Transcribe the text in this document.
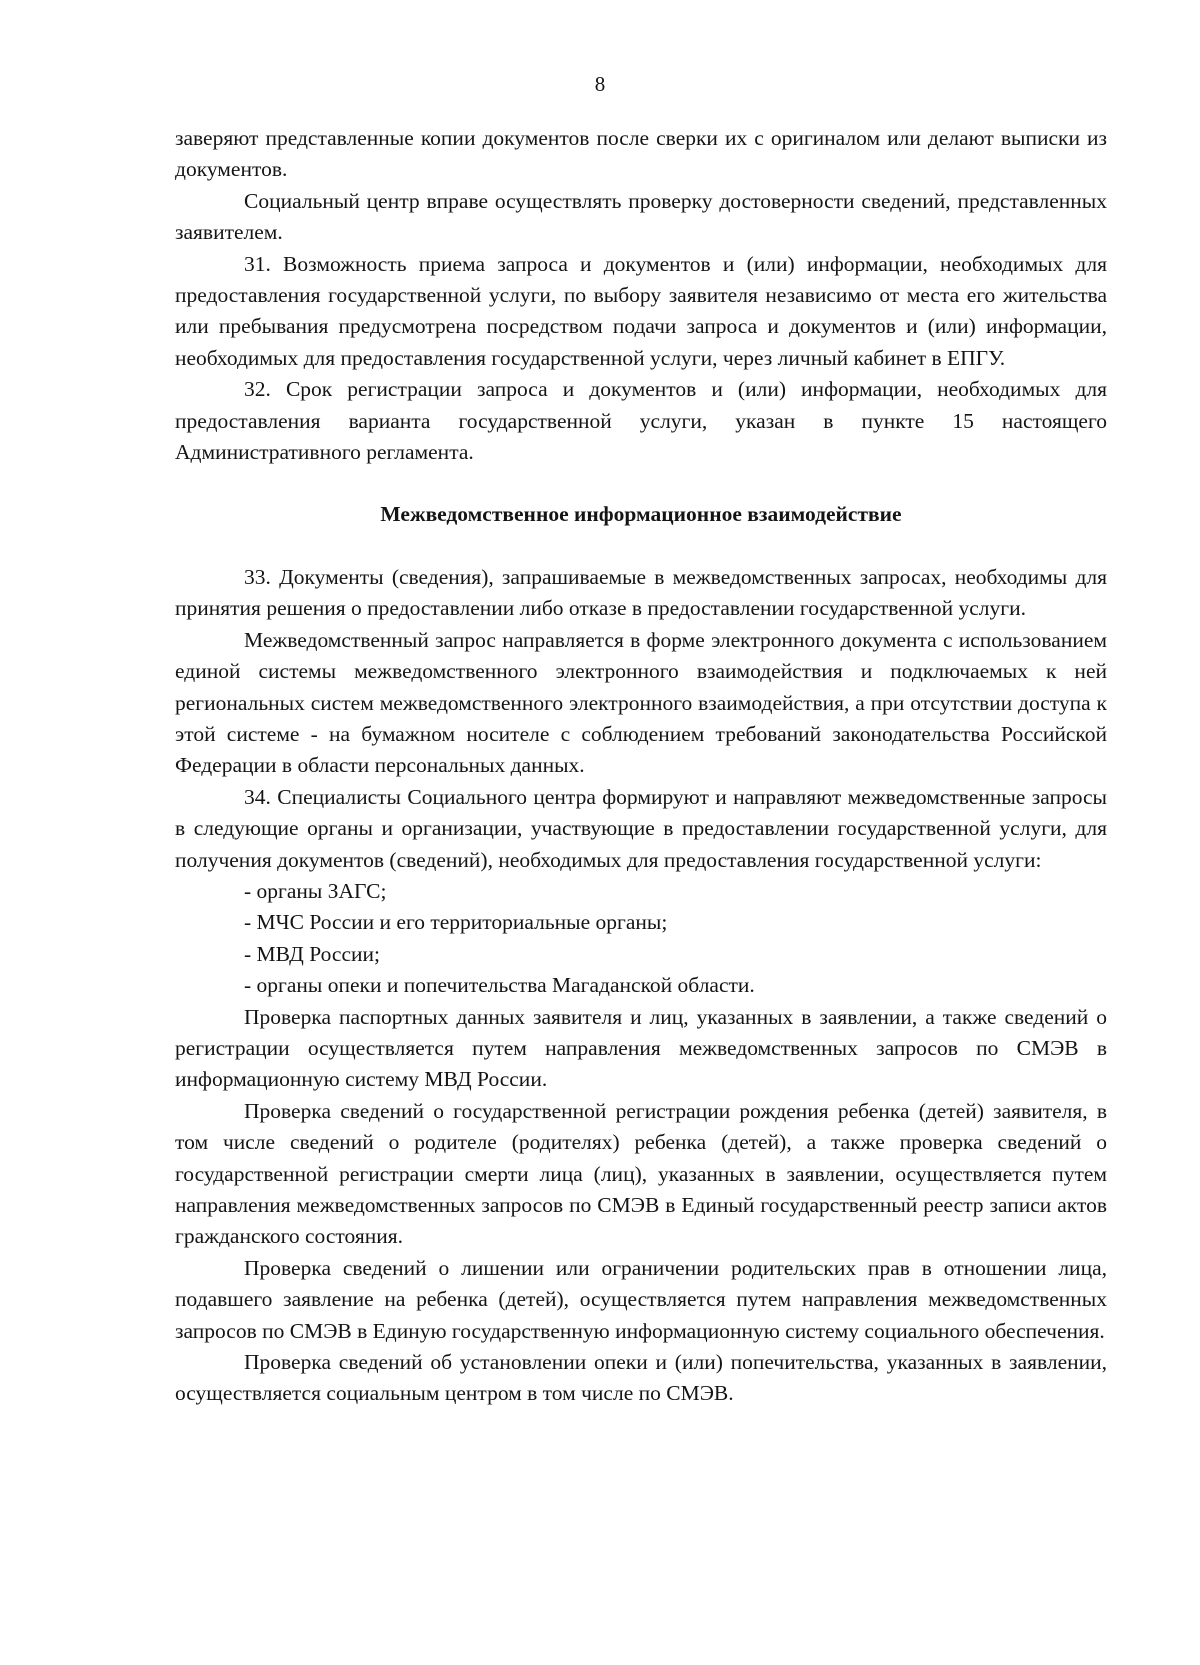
8

заверяют представленные копии документов после сверки их с оригиналом или делают выписки из документов.

Социальный центр вправе осуществлять проверку достоверности сведений, представленных заявителем.

31. Возможность приема запроса и документов и (или) информации, необходимых для предоставления государственной услуги, по выбору заявителя независимо от места его жительства или пребывания предусмотрена посредством подачи запроса и документов и (или) информации, необходимых для предоставления государственной услуги, через личный кабинет в ЕПГУ.

32. Срок регистрации запроса и документов и (или) информации, необходимых для предоставления варианта государственной услуги, указан в пункте 15 настоящего Административного регламента.

Межведомственное информационное взаимодействие

33. Документы (сведения), запрашиваемые в межведомственных запросах, необходимы для принятия решения о предоставлении либо отказе в предоставлении государственной услуги.

Межведомственный запрос направляется в форме электронного документа с использованием единой системы межведомственного электронного взаимодействия и подключаемых к ней региональных систем межведомственного электронного взаимодействия, а при отсутствии доступа к этой системе - на бумажном носителе с соблюдением требований законодательства Российской Федерации в области персональных данных.

34. Специалисты Социального центра формируют и направляют межведомственные запросы в следующие органы и организации, участвующие в предоставлении государственной услуги, для получения документов (сведений), необходимых для предоставления государственной услуги:

- органы ЗАГС;

- МЧС России и его территориальные органы;

- МВД России;

- органы опеки и попечительства Магаданской области.

Проверка паспортных данных заявителя и лиц, указанных в заявлении, а также сведений о регистрации осуществляется путем направления межведомственных запросов по СМЭВ в информационную систему МВД России.

Проверка сведений о государственной регистрации рождения ребенка (детей) заявителя, в том числе сведений о родителе (родителях) ребенка (детей), а также проверка сведений о государственной регистрации смерти лица (лиц), указанных в заявлении, осуществляется путем направления межведомственных запросов по СМЭВ в Единый государственный реестр записи актов гражданского состояния.

Проверка сведений о лишении или ограничении родительских прав в отношении лица, подавшего заявление на ребенка (детей), осуществляется путем направления межведомственных запросов по СМЭВ в Единую государственную информационную систему социального обеспечения.

Проверка сведений об установлении опеки и (или) попечительства, указанных в заявлении, осуществляется социальным центром в том числе по СМЭВ.
